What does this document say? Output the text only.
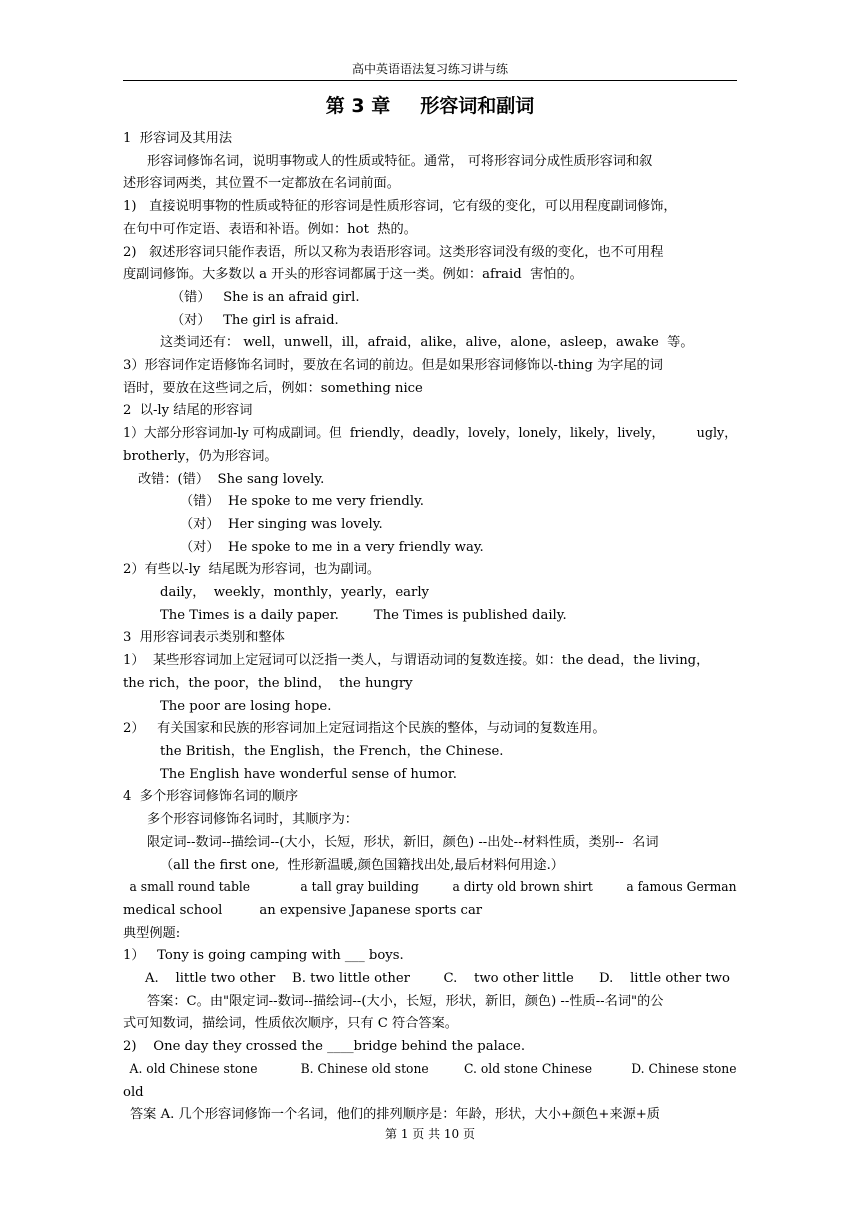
高中英语语法复习练习讲与练
第 3 章 形容词和副词
1  形容词及其用法
形容词修饰名词，说明事物或人的性质或特征。通常， 可将形容词分成性质形容词和叙
述形容词两类，其位置不一定都放在名词前面。
1)   直接说明事物的性质或特征的形容词是性质形容词，它有级的变化，可以用程度副词修饰，
在句中可作定语、表语和补语。例如：hot  热的。
2)   叙述形容词只能作表语，所以又称为表语形容词。这类形容词没有级的变化，也不可用程
度副词修饰。大多数以 a 开头的形容词都属于这一类。例如：afraid  害怕的。
（错）   She is an afraid girl.
（对）   The girl is afraid.
这类词还有： well，unwell，ill，afraid，alike，alive，alone，asleep，awake  等。
3）形容词作定语修饰名词时，要放在名词的前边。但是如果形容词修饰以-thing 为字尾的词
语时，要放在这些词之后，例如：something nice
2  以-ly 结尾的形容词
1）大部分形容词加-ly 可构成副词。但  friendly，deadly，lovely，lonely，likely，lively，        ugly，
brotherly，仍为形容词。
改错：(错）  She sang lovely.
（错）  He spoke to me very friendly.
（对）  Her singing was lovely.
（对）  He spoke to me in a very friendly way.
2）有些以-ly  结尾既为形容词，也为副词。
daily，  weekly，monthly，yearly，early
The Times is a daily paper.	The Times is published daily.
3  用形容词表示类别和整体
1）  某些形容词加上定冠词可以泛指一类人，与谓语动词的复数连接。如：the dead，the living，
the rich，the poor，the blind，  the hungry
The poor are losing hope.
2）   有关国家和民族的形容词加上定冠词指这个民族的整体，与动词的复数连用。
the British，the English，the French，the Chinese.
The English have wonderful sense of humor.
4  多个形容词修饰名词的顺序
多个形容词修饰名词时，其顺序为：
限定词--数词--描绘词--(大小，长短，形状，新旧，颜色) --出处--材料性质，类别--  名词
（all the first one,  性形新温暖,颜色国籍找出处,最后材料何用途.）
a small round table	a tall gray building	a dirty old brown shirt	a famous German
medical school	an expensive Japanese sports car
典型例题:
1）   Tony is going camping with ___ boys.
A.    little two other    B. two little other        C.    two other little      D.    little other two
答案：C。由"限定词--数词--描绘词--(大小，长短，形状，新旧，颜色) --性质--名词"的公
式可知数词，描绘词，性质依次顺序，只有 C 符合答案。
2)    One day they crossed the ____bridge behind the palace.
A. old Chinese stone           B. Chinese old stone         C. old stone Chinese          D. Chinese stone
old
答案 A. 几个形容词修饰一个名词，他们的排列顺序是：年龄，形状，大小+颜色+来源+质
第 1 页 共 10 页
